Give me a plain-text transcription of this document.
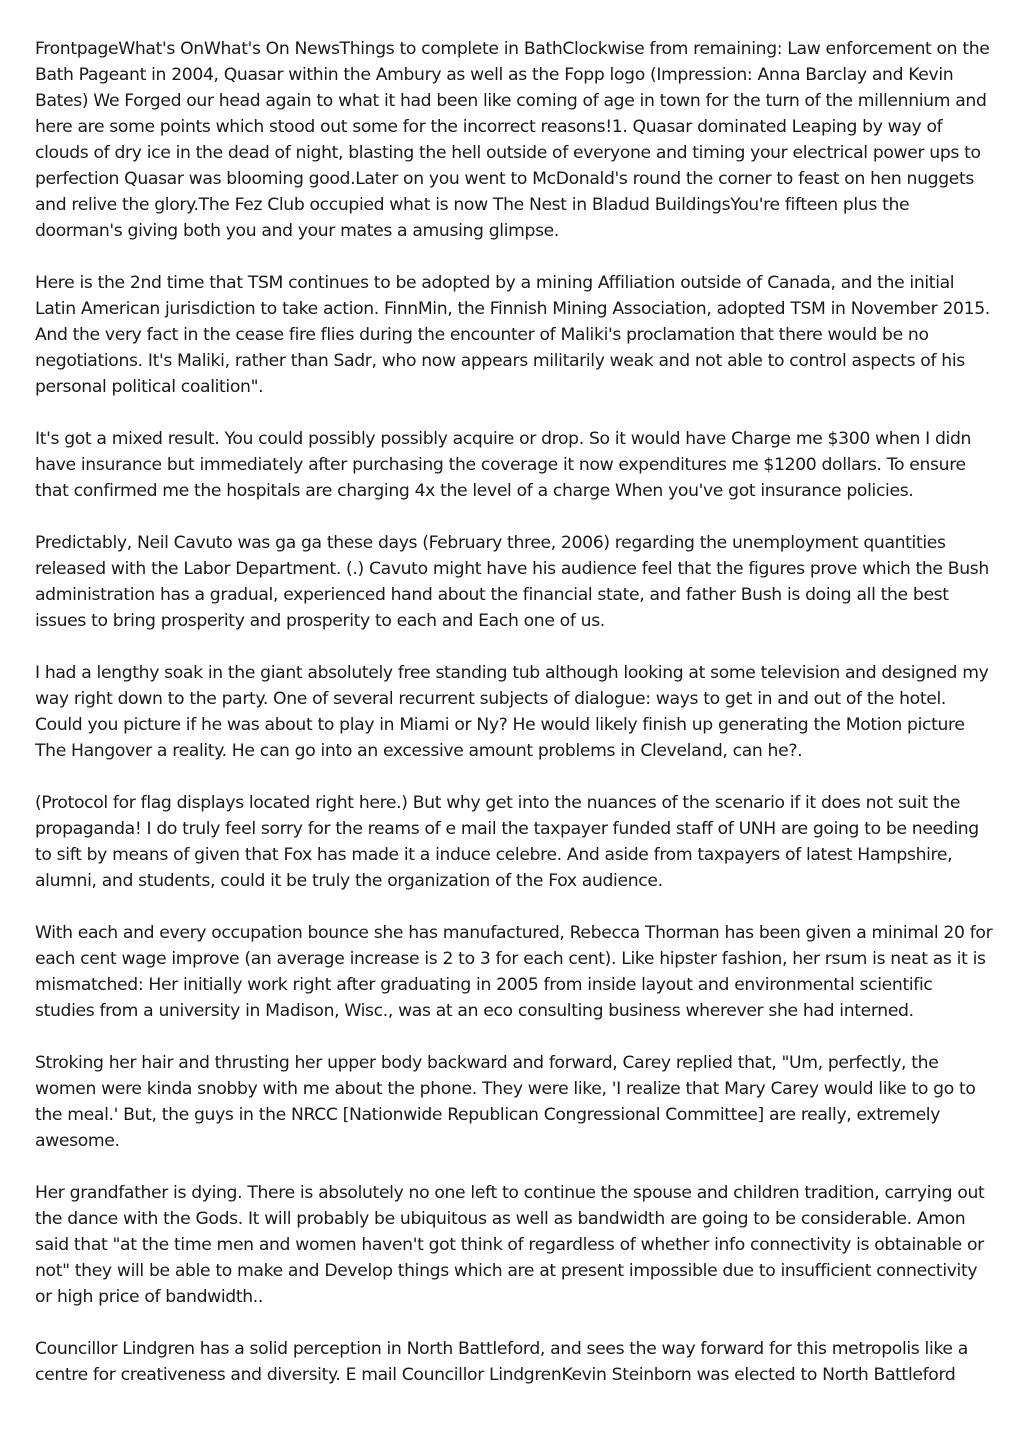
FrontpageWhat's OnWhat's On NewsThings to complete in BathClockwise from remaining: Law enforcement on the Bath Pageant in 2004, Quasar within the Ambury as well as the Fopp logo (Impression: Anna Barclay and Kevin Bates) We Forged our head again to what it had been like coming of age in town for the turn of the millennium and here are some points which stood out some for the incorrect reasons!1. Quasar dominated Leaping by way of clouds of dry ice in the dead of night, blasting the hell outside of everyone and timing your electrical power ups to perfection Quasar was blooming good.Later on you went to McDonald's round the corner to feast on hen nuggets and relive the glory.The Fez Club occupied what is now The Nest in Bladud BuildingsYou're fifteen plus the doorman's giving both you and your mates a amusing glimpse.

Here is the 2nd time that TSM continues to be adopted by a mining Affiliation outside of Canada, and the initial Latin American jurisdiction to take action. FinnMin, the Finnish Mining Association, adopted TSM in November 2015. And the very fact in the cease fire flies during the encounter of Maliki's proclamation that there would be no negotiations. It's Maliki, rather than Sadr, who now appears militarily weak and not able to control aspects of his personal political coalition".

It's got a mixed result. You could possibly possibly acquire or drop. So it would have Charge me $300 when I didn have insurance but immediately after purchasing the coverage it now expenditures me $1200 dollars. To ensure that confirmed me the hospitals are charging 4x the level of a charge When you've got insurance policies.

Predictably, Neil Cavuto was ga ga these days (February three, 2006) regarding the unemployment quantities released with the Labor Department. (.) Cavuto might have his audience feel that the figures prove which the Bush administration has a gradual, experienced hand about the financial state, and father Bush is doing all the best issues to bring prosperity and prosperity to each and Each one of us.

I had a lengthy soak in the giant absolutely free standing tub although looking at some television and designed my way right down to the party. One of several recurrent subjects of dialogue: ways to get in and out of the hotel. Could you picture if he was about to play in Miami or Ny? He would likely finish up generating the Motion picture The Hangover a reality. He can go into an excessive amount problems in Cleveland, can he?.

(Protocol for flag displays located right here.) But why get into the nuances of the scenario if it does not suit the propaganda! I do truly feel sorry for the reams of e mail the taxpayer funded staff of UNH are going to be needing to sift by means of given that Fox has made it a induce celebre. And aside from taxpayers of latest Hampshire, alumni, and students, could it be truly the organization of the Fox audience.

With each and every occupation bounce she has manufactured, Rebecca Thorman has been given a minimal 20 for each cent wage improve (an average increase is 2 to 3 for each cent). Like hipster fashion, her rsum is neat as it is mismatched: Her initially work right after graduating in 2005 from inside layout and environmental scientific studies from a university in Madison, Wisc., was at an eco consulting business wherever she had interned.

Stroking her hair and thrusting her upper body backward and forward, Carey replied that, "Um, perfectly, the women were kinda snobby with me about the phone. They were like, 'I realize that Mary Carey would like to go to the meal.' But, the guys in the NRCC [Nationwide Republican Congressional Committee] are really, extremely awesome.

Her grandfather is dying. There is absolutely no one left to continue the spouse and children tradition, carrying out the dance with the Gods. It will probably be ubiquitous as well as bandwidth are going to be considerable. Amon said that "at the time men and women haven't got think of regardless of whether info connectivity is obtainable or not" they will be able to make and Develop things which are at present impossible due to insufficient connectivity or high price of bandwidth..

Councillor Lindgren has a solid perception in North Battleford, and sees the way forward for this metropolis like a centre for creativeness and diversity. E mail Councillor LindgrenKevin Steinborn was elected to North Battleford
